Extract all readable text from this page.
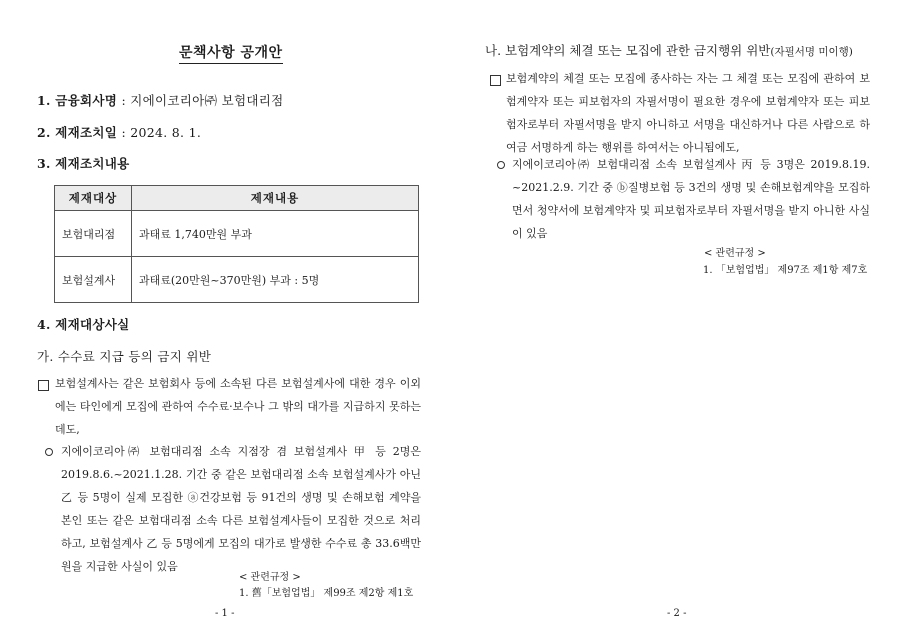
문책사항 공개안
1. 금융회사명 : 지에이코리아㈜ 보험대리점
2. 제재조치일 : 2024. 8. 1.
3. 제재조치내용
제재대상	제재내용
보험대리점	과태료 1,740만원 부과
보험설계사	과태료(20만원~370만원) 부과 : 5명
4. 제재대상사실
가. 수수료 지급 등의 금지 위반
보험설계사는 같은 보험회사 등에 소속된 다른 보험설계사에 대한 경우 이외에는 타인에게 모집에 관하여 수수료·보수나 그 밖의 대가를 지급하지 못하는데도,
지에이코리아㈜ 보험대리점 소속 지점장 겸 보험설계사 甲 등 2명은 2019.8.6.~2021.1.28. 기간 중 같은 보험대리점 소속 보험설계사가 아닌 乙 등 5명이 실제 모집한 ⓐ건강보험 등 91건의 생명 및 손해보험 계약을 본인 또는 같은 보험대리점 소속 다른 보험설계사들이 모집한 것으로 처리하고, 보험설계사 乙 등 5명에게 모집의 대가로 발생한 수수료 총 33.6백만원을 지급한 사실이 있음
< 관련규정 >
1. 舊「보험업법」 제99조 제2항 제1호
- 1 -
나. 보험계약의 체결 또는 모집에 관한 금지행위 위반(자필서명 미이행)
보험계약의 체결 또는 모집에 종사하는 자는 그 체결 또는 모집에 관하여 보험계약자 또는 피보험자의 자필서명이 필요한 경우에 보험계약자 또는 피보험자로부터 자필서명을 받지 아니하고 서명을 대신하거나 다른 사람으로 하여금 서명하게 하는 행위를 하여서는 아니됨에도,
지에이코리아㈜ 보험대리점 소속 보험설계사 丙 등 3명은 2019.8.19. ~2021.2.9. 기간 중 ⓑ질병보험 등 3건의 생명 및 손해보험계약을 모집하면서 청약서에 보험계약자 및 피보험자로부터 자필서명을 받지 아니한 사실이 있음
< 관련규정 >
1. 「보험업법」 제97조 제1항 제7호
- 2 -
